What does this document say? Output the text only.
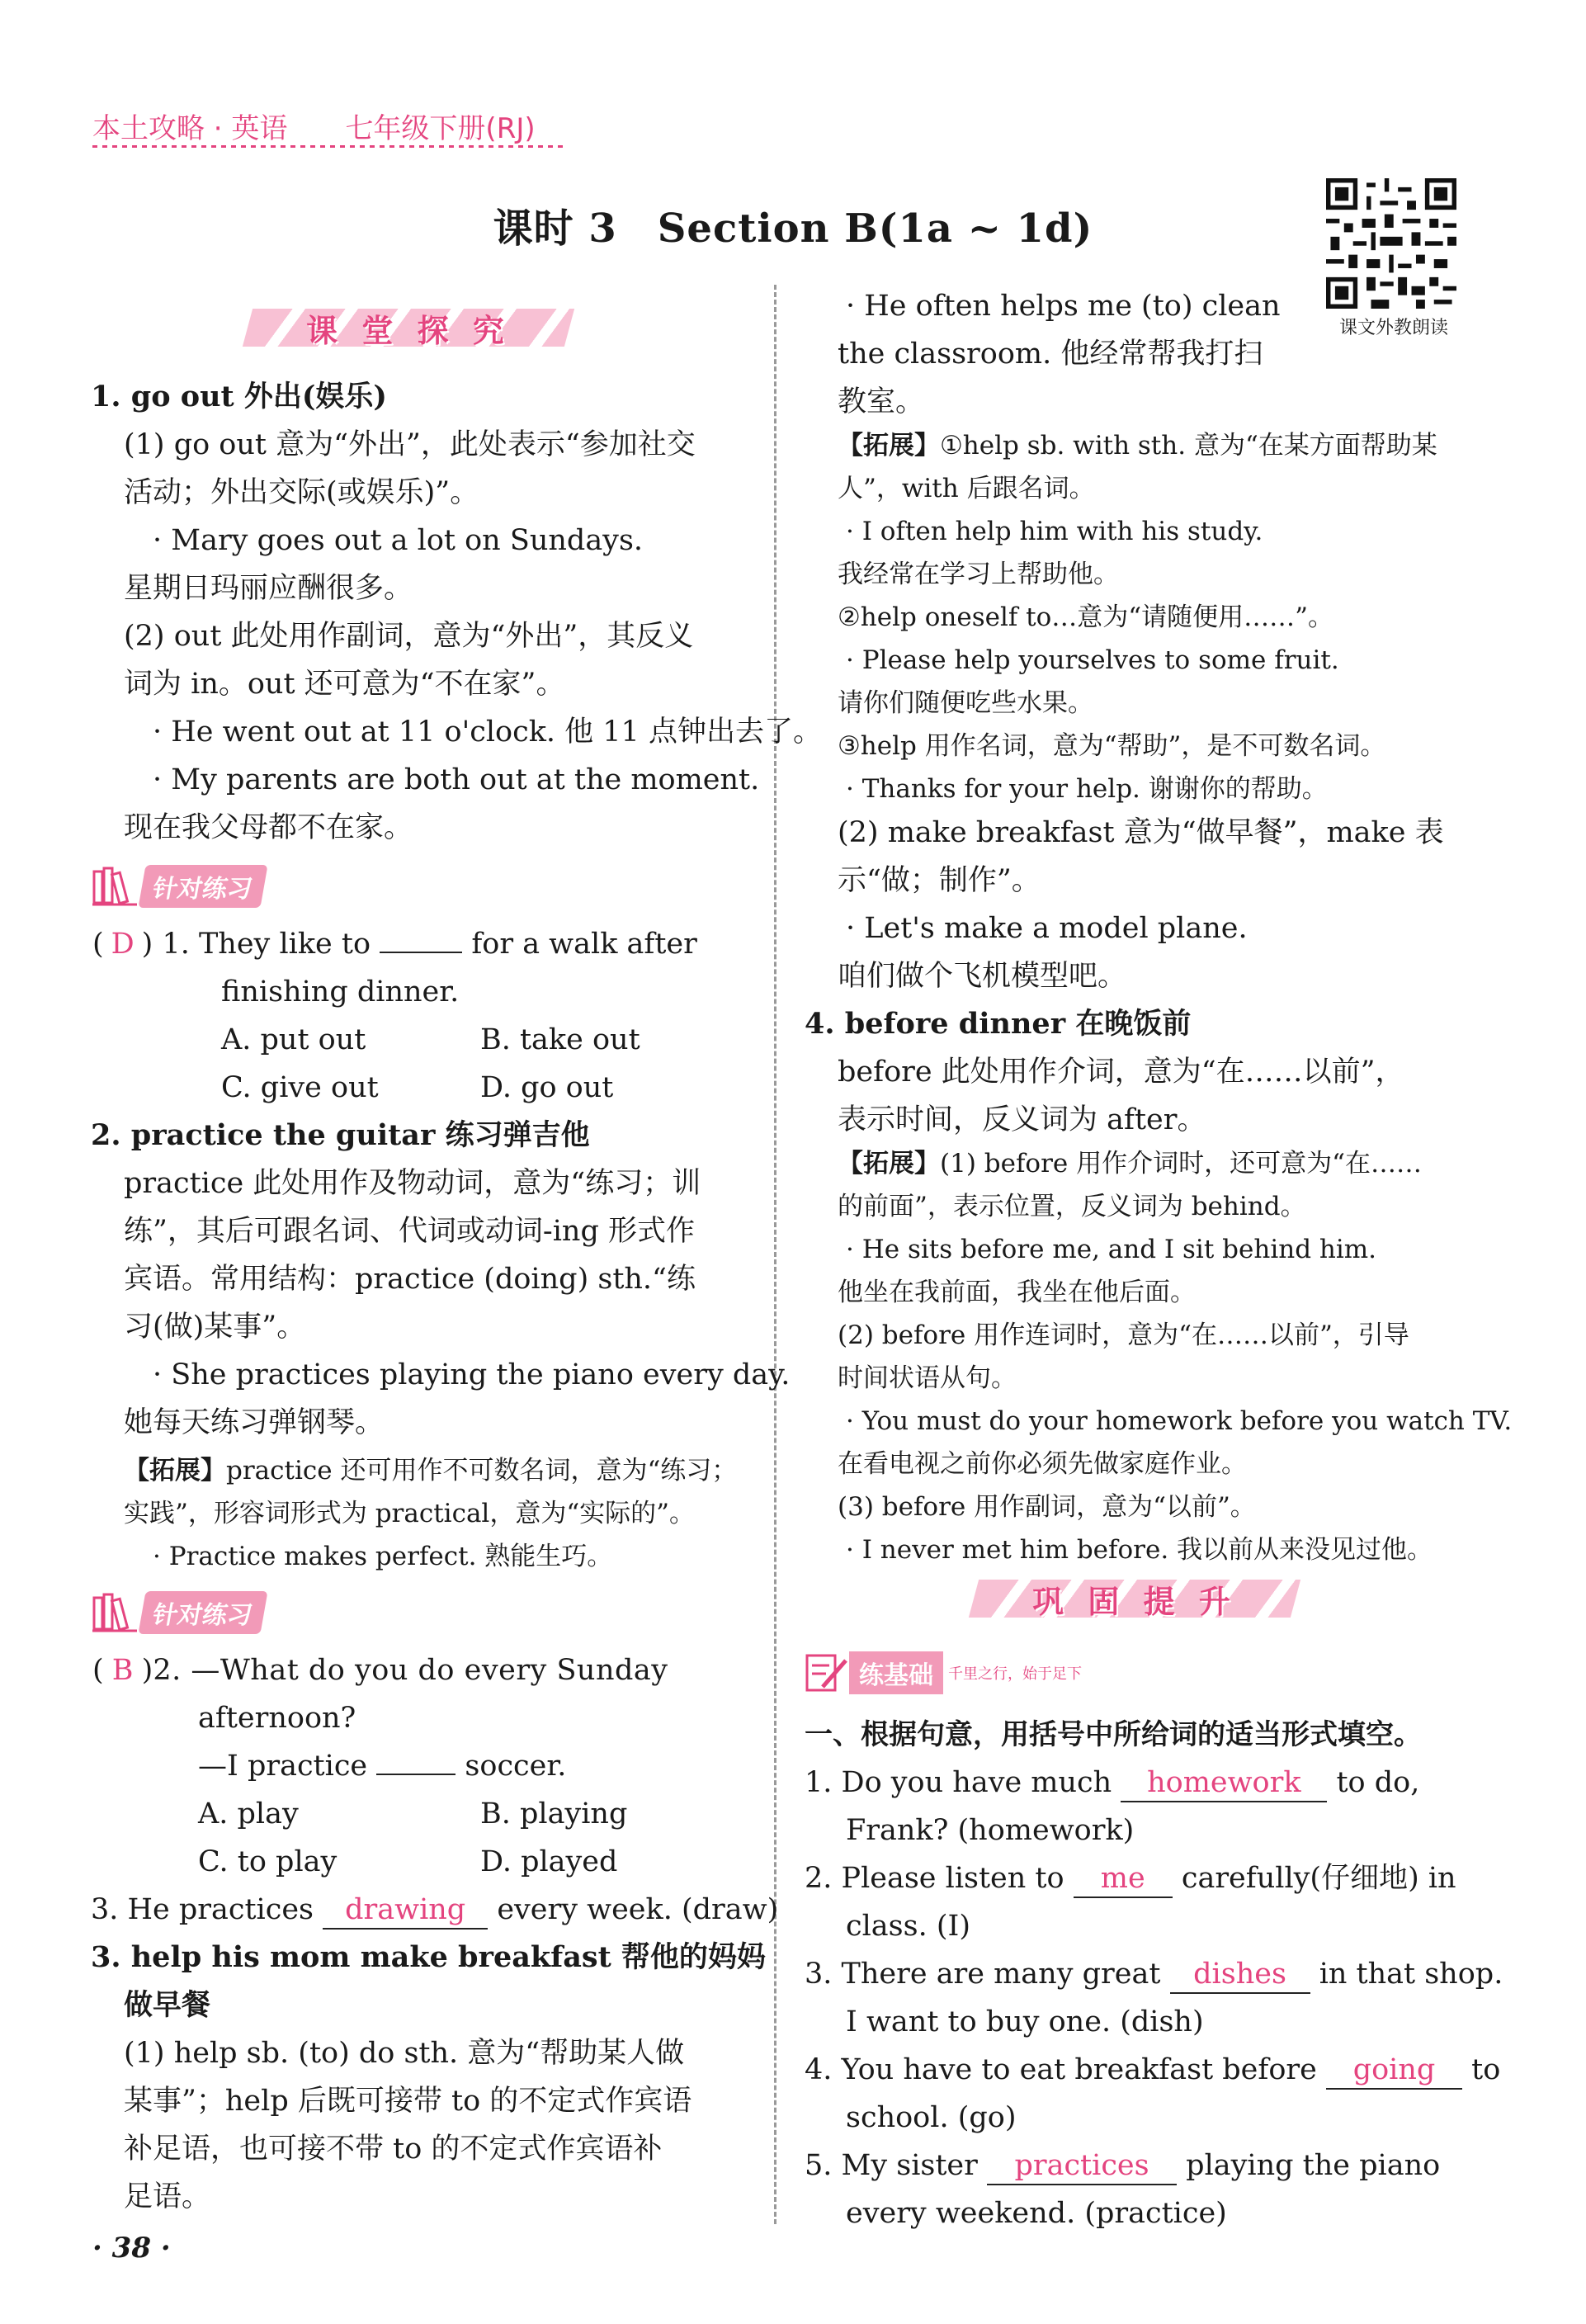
本土攻略 · 英语 七年级下册(RJ)
课时 3　Section B(1a ~ 1d)
课文外教朗读
课 堂 探 究
1. go out 外出(娱乐)
(1) go out 意为“外出”，此处表示“参加社交
活动；外出交际(或娱乐)”。
· Mary goes out a lot on Sundays.
星期日玛丽应酬很多。
(2) out 此处用作副词，意为“外出”，其反义
词为 in。out 还可意为“不在家”。
· He went out at 11 o'clock. 他 11 点钟出去了。
· My parents are both out at the moment.
现在我父母都不在家。
针对练习
( D ) 1. They like to	for a walk after
finishing dinner.
A. put out	B. take out
C. give out	D. go out
2. practice the guitar 练习弹吉他
practice 此处用作及物动词，意为“练习；训
练”，其后可跟名词、代词或动词-ing 形式作
宾语。常用结构：practice (doing) sth.“练
习(做)某事”。
· She practices playing the piano every day.
她每天练习弹钢琴。
【拓展】practice 还可用作不可数名词，意为“练习；
实践”，形容词形式为 practical，意为“实际的”。
· Practice makes perfect. 熟能生巧。
针对练习
( B )2. —What do you do every Sunday
afternoon?
—I practice	soccer.
A. play	B. playing
C. to play	D. played
3. He practices drawing every week. (draw)
3. help his mom make breakfast 帮他的妈妈
做早餐
(1) help sb. (to) do sth. 意为“帮助某人做
某事”；help 后既可接带 to 的不定式作宾语
补足语，也可接不带 to 的不定式作宾语补
足语。
· He often helps me (to) clean
the classroom. 他经常帮我打扫
教室。
【拓展】①help sb. with sth. 意为“在某方面帮助某
人”，with 后跟名词。
· I often help him with his study.
我经常在学习上帮助他。
②help oneself to…意为“请随便用……”。
· Please help yourselves to some fruit.
请你们随便吃些水果。
③help 用作名词，意为“帮助”，是不可数名词。
· Thanks for your help. 谢谢你的帮助。
(2) make breakfast 意为“做早餐”，make 表
示“做；制作”。
· Let's make a model plane.
咱们做个飞机模型吧。
4. before dinner 在晚饭前
before 此处用作介词，意为“在……以前”，
表示时间，反义词为 after。
【拓展】(1) before 用作介词时，还可意为“在……
的前面”，表示位置，反义词为 behind。
· He sits before me, and I sit behind him.
他坐在我前面，我坐在他后面。
(2) before 用作连词时，意为“在……以前”，引导
时间状语从句。
· You must do your homework before you watch TV.
在看电视之前你必须先做家庭作业。
(3) before 用作副词，意为“以前”。
· I never met him before. 我以前从来没见过他。
巩 固 提 升
练基础	千里之行，始于足下
一、根据句意，用括号中所给词的适当形式填空。
1. Do you have much homework to do,
Frank? (homework)
2. Please listen to me carefully(仔细地) in
class. (I)
3. There are many great dishes in that shop.
I want to buy one. (dish)
4. You have to eat breakfast before going to
school. (go)
5. My sister practices playing the piano
every weekend. (practice)
· 38 ·
